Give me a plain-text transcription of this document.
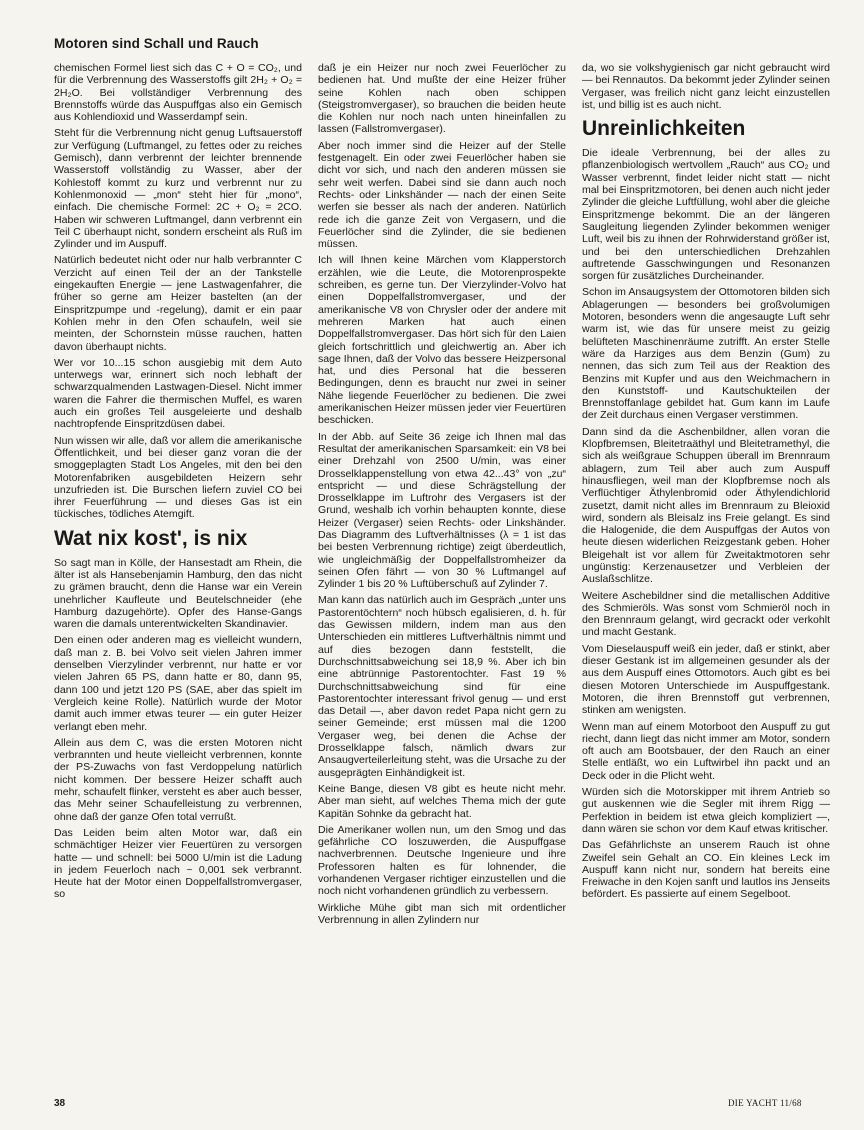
Motoren sind Schall und Rauch

chemischen Formel liest sich das C + O = CO₂, und für die Verbrennung des Wasserstoffs gilt 2H₂ + O₂ = 2H₂O. Bei vollständiger Verbrennung des Brennstoffs würde das Auspuffgas also ein Gemisch aus Kohlendioxid und Wasserdampf sein.

Steht für die Verbrennung nicht genug Luftsauerstoff zur Verfügung (Luftmangel, zu fettes oder zu reiches Gemisch), dann verbrennt der leichter brennende Wasserstoff vollständig zu Wasser, aber der Kohlestoff kommt zu kurz und verbrennt nur zu Kohlenmonoxid — „mon“ steht hier für „mono“, einfach. Die chemische Formel: 2C + O₂ = 2CO. Haben wir schweren Luftmangel, dann verbrennt ein Teil C überhaupt nicht, sondern erscheint als Ruß im Zylinder und im Auspuff.

Natürlich bedeutet nicht oder nur halb verbrannter C Verzicht auf einen Teil der an der Tankstelle eingekauften Energie — jene Lastwagenfahrer, die früher so gerne am Heizer bastelten (an der Einspritzpumpe und -regelung), damit er ein paar Kohlen mehr in den Ofen schaufeln, weil sie meinten, der Schornstein müsse rauchen, hatten davon überhaupt nichts.

Wer vor 10...15 schon ausgiebig mit dem Auto unterwegs war, erinnert sich noch lebhaft der schwarzqualmenden Lastwagen-Diesel. Nicht immer waren die Fahrer die thermischen Muffel, es waren auch ein großes Teil ausgeleierte und deshalb nachtropfende Einspritzdüsen dabei.

Nun wissen wir alle, daß vor allem die amerikanische Öffentlichkeit, und bei dieser ganz voran die der smoggeplagten Stadt Los Angeles, mit den bei den Motorenfabriken ausgebildeten Heizern sehr unzufrieden ist. Die Burschen liefern zuviel CO bei ihrer Feuerführung — und dieses Gas ist ein tückisches, tödliches Atemgift.

Wat nix kost', is nix

So sagt man in Kölle, der Hansestadt am Rhein, die älter ist als Hansebenjamin Hamburg, den das nicht zu grämen braucht, denn die Hanse war ein Verein unehrlicher Kaufleute und Beutelschneider (ehe Hamburg dazugehörte). Opfer des Hanse-Gangs waren die damals unterentwickelten Skandinavier.

Den einen oder anderen mag es vielleicht wundern, daß man z. B. bei Volvo seit vielen Jahren immer denselben Vierzylinder verbrennt, nur hatte er vor vielen Jahren 65 PS, dann hatte er 80, dann 95, dann 100 und jetzt 120 PS (SAE, aber das spielt im Vergleich keine Rolle). Natürlich wurde der Motor damit auch immer etwas teurer — ein guter Heizer verlangt eben mehr.

Allein aus dem C, was die ersten Motoren nicht verbrannten und heute vielleicht verbrennen, konnte der PS-Zuwachs von fast Verdoppelung natürlich nicht kommen. Der bessere Heizer schafft auch mehr, schaufelt flinker, versteht es aber auch besser, das Mehr seiner Schaufelleistung zu verbrennen, ohne daß der ganze Ofen total verrußt.

Das Leiden beim alten Motor war, daß ein schmächtiger Heizer vier Feuertüren zu versorgen hatte — und schnell: bei 5000 U/min ist die Ladung in jedem Feuerloch nach ~ 0,001 sek verbrannt. Heute hat der Motor einen Doppelfallstromvergaser, so

daß je ein Heizer nur noch zwei Feuerlöcher zu bedienen hat. Und mußte der eine Heizer früher seine Kohlen nach oben schippen (Steigstromvergaser), so brauchen die beiden heute die Kohlen nur noch nach unten hineinfallen zu lassen (Fallstromvergaser).

Aber noch immer sind die Heizer auf der Stelle festgenagelt. Ein oder zwei Feuerlöcher haben sie dicht vor sich, und nach den anderen müssen sie sehr weit werfen. Dabei sind sie dann auch noch Rechts- oder Linkshänder — nach der einen Seite werfen sie besser als nach der anderen. Natürlich rede ich die ganze Zeit von Vergasern, und die Feuerlöcher sind die Zylinder, die sie bedienen müssen.

Ich will Ihnen keine Märchen vom Klapperstorch erzählen, wie die Leute, die Motorenprospekte schreiben, es gerne tun. Der Vierzylinder-Volvo hat einen Doppelfallstromvergaser, und der amerikanische V8 von Chrysler oder der andere mit mehreren Marken hat auch einen Doppelfallstromvergaser. Das hört sich für den Laien gleich fortschrittlich und gleichwertig an. Aber ich sage Ihnen, daß der Volvo das bessere Heizpersonal hat, und dies Personal hat die besseren Bedingungen, denn es braucht nur zwei in seiner Nähe liegende Feuerlöcher zu bedienen. Die zwei amerikanischen Heizer müssen jeder vier Feuertüren beschicken.

In der Abb. auf Seite 36 zeige ich Ihnen mal das Resultat der amerikanischen Sparsamkeit: ein V8 bei einer Drehzahl von 2500 U/min, was einer Drosselklappenstellung von etwa 42...43° von „zu“ entspricht — und diese Schrägstellung der Drosselklappe im Luftrohr des Vergasers ist der Grund, weshalb ich vorhin behaupten konnte, diese Heizer (Vergaser) seien Rechts- oder Linkshänder. Das Diagramm des Luftverhältnisses (λ = 1 ist das bei besten Verbrennung richtige) zeigt überdeutlich, wie ungleichmäßig der Doppelfallstromheizer da seinen Ofen fährt — von 30 % Luftmangel auf Zylinder 1 bis 20 % Luftüberschuß auf Zylinder 7.

Man kann das natürlich auch im Gespräch „unter uns Pastorentöchtern“ noch hübsch egalisieren, d. h. für das Gewissen mildern, indem man aus den Unterschieden ein mittleres Luftverhältnis nimmt und auf dies bezogen dann feststellt, die Durchschnittsabweichung sei 18,9 %. Aber ich bin eine abtrünnige Pastorentochter. Fast 19 % Durchschnittsabweichung sind für eine Pastorentochter interessant frivol genug — und erst das Detail —, aber davon redet Papa nicht gern zu seiner Gemeinde; erst müssen mal die 1200 Vergaser weg, bei denen die Achse der Drosselklappe falsch, nämlich dwars zur Ansaugverteilerleitung steht, was die Ursache zu der ausgeprägten Einhändigkeit ist.

Keine Bange, diesen V8 gibt es heute nicht mehr. Aber man sieht, auf welches Thema mich der gute Kapitän Sohnke da gebracht hat.

Die Amerikaner wollen nun, um den Smog und das gefährliche CO loszuwerden, die Auspuffgase nachverbrennen. Deutsche Ingenieure und ihre Professoren halten es für lohnender, die vorhandenen Vergaser richtiger einzustellen und die noch nicht vorhandenen gründlich zu verbessern.

Wirkliche Mühe gibt man sich mit ordentlicher Verbrennung in allen Zylindern nur

da, wo sie volkshygienisch gar nicht gebraucht wird — bei Rennautos. Da bekommt jeder Zylinder seinen Vergaser, was freilich nicht ganz leicht einzustellen ist, und billig ist es auch nicht.

Unreinlichkeiten

Die ideale Verbrennung, bei der alles zu pflanzenbiologisch wertvollem „Rauch“ aus CO₂ und Wasser verbrennt, findet leider nicht statt — nicht mal bei Einspritzmotoren, bei denen auch nicht jeder Zylinder die gleiche Luftfüllung, wohl aber die gleiche Einspritzmenge bekommt. Die an der längeren Saugleitung liegenden Zylinder bekommen weniger Luft, weil bis zu ihnen der Rohrwiderstand größer ist, und bei den unterschiedlichen Drehzahlen auftretende Gasschwingungen und Resonanzen sorgen für zusätzliches Durcheinander.

Schon im Ansaugsystem der Ottomotoren bilden sich Ablagerungen — besonders bei großvolumigen Motoren, besonders wenn die angesaugte Luft sehr warm ist, wie das für unsere meist zu geizig belüfteten Maschinenräume zutrifft. An erster Stelle wäre da Harziges aus dem Benzin (Gum) zu nennen, das sich zum Teil aus der Reaktion des Benzins mit Kupfer und aus den Weichmachern in den Kunststoff- und Kautschukteilen der Brennstoffanlage gebildet hat. Gum kann im Laufe der Zeit durchaus einen Vergaser verstimmen.

Dann sind da die Aschenbildner, allen voran die Klopfbremsen, Bleitetraäthyl und Bleitetramethyl, die sich als weißgraue Schuppen überall im Brennraum ablagern, zum Teil aber auch zum Auspuff hinausfliegen, weil man der Klopfbremse noch als Verflüchtiger Äthylenbromid oder Äthylendichlorid zusetzt, damit nicht alles im Brennraum zu Bleioxid wird, sondern als Bleisalz ins Freie gelangt. Es sind die Halogenide, die dem Auspuffgas der Autos von heute diesen widerlichen Reizgestank geben. Hoher Bleigehalt ist vor allem für Zweitaktmotoren sehr ungünstig: Kerzenausetzer und Verbleien der Auslaßschlitze.

Weitere Aschebildner sind die metallischen Additive des Schmieröls. Was sonst vom Schmieröl noch in den Brennraum gelangt, wird gecrackt oder verkohlt und macht Gestank.

Vom Dieselauspuff weiß ein jeder, daß er stinkt, aber dieser Gestank ist im allgemeinen gesunder als der aus dem Auspuff eines Ottomotors. Auch gibt es bei diesen Motoren Unterschiede im Auspuffgestank. Motoren, die ihren Brennstoff gut verbrennen, stinken am wenigsten.

Wenn man auf einem Motorboot den Auspuff zu gut riecht, dann liegt das nicht immer am Motor, sondern oft auch am Bootsbauer, der den Rauch an einer Stelle entläßt, wo ein Luftwirbel ihn packt und an Deck oder in die Plicht weht.

Würden sich die Motorskipper mit ihrem Antrieb so gut auskennen wie die Segler mit ihrem Rigg — Perfektion in beidem ist etwa gleich kompliziert —, dann wären sie schon vor dem Kauf etwas kritischer.

Das Gefährlichste an unserem Rauch ist ohne Zweifel sein Gehalt an CO. Ein kleines Leck im Auspuff kann nicht nur, sondern hat bereits eine Freiwache in den Kojen sanft und lautlos ins Jenseits befördert. Es passierte auf einem Segelboot.

38	DIE YACHT 11/68
